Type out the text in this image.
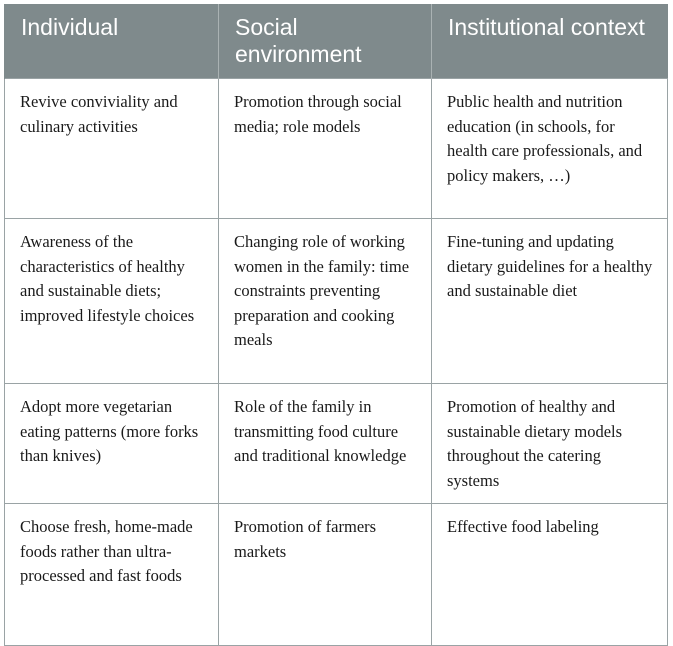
Individual	Social environment	Institutional context
Revive conviviality and culinary activities	Promotion through social media; role models	Public health and nutrition education (in schools, for health care professionals, and policy makers, …)
Awareness of the characteristics of healthy and sustainable diets; improved lifestyle choices	Changing role of working women in the family: time constraints preventing preparation and cooking meals	Fine-tuning and updating dietary guidelines for a healthy and sustainable diet
Adopt more vegetarian eating patterns (more forks than knives)	Role of the family in transmitting food culture and traditional knowledge	Promotion of healthy and sustainable dietary models throughout the catering systems
Choose fresh, home-made foods rather than ultra-processed and fast foods	Promotion of farmers markets	Effective food labeling
